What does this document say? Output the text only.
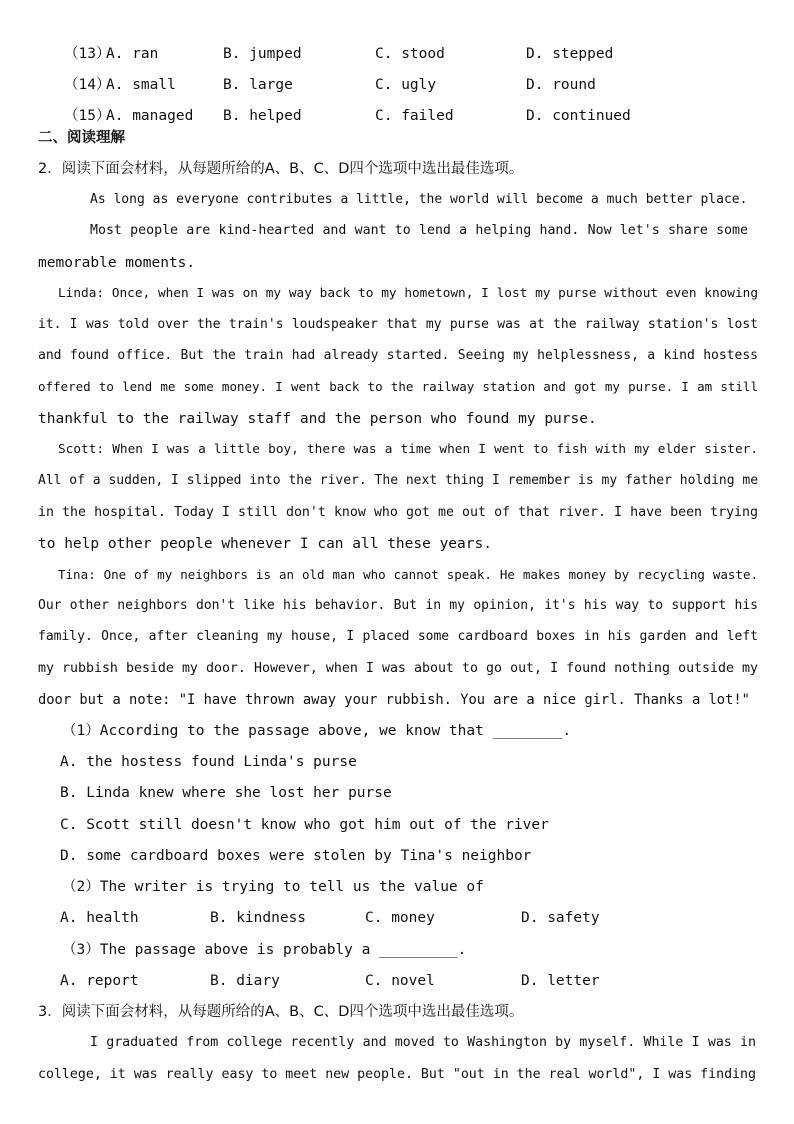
（13）
A. ran	B. jumped	C. stood	D. stepped
（14）
A. small	B. large	C. ugly	D. round
（15）
A. managed B. helped	C. failed	D. continued
二、阅读理解
2．阅读下面会材料，从每题所给的A、B、C、D四个选项中选出最佳选项。
As long as everyone contributes a little, the world will become a much better place.
Most people are kind-hearted and want to lend a helping hand. Now let's share some
memorable moments.
Linda: Once, when I was on my way back to my hometown, I lost my purse without even knowing
it. I was told over the train's loudspeaker that my purse was at the railway station's lost
and found office. But the train had already started. Seeing my helplessness, a kind hostess
offered to lend me some money. I went back to the railway station and got my purse. I am still
thankful to the railway staff and the person who found my purse.
Scott: When I was a little boy, there was a time when I went to fish with my elder sister.
All of a sudden, I slipped into the river. The next thing I remember is my father holding me
in the hospital. Today I still don't know who got me out of that river. I have been trying
to help other people whenever I can all these years.
Tina: One of my neighbors is an old man who cannot speak. He makes money by recycling waste.
Our other neighbors don't like his behavior. But in my opinion, it's his way to support his
family. Once, after cleaning my house, I placed some cardboard boxes in his garden and left
my rubbish beside my door. However, when I was about to go out, I found nothing outside my
door but a note: "I have thrown away your rubbish. You are a nice girl. Thanks a lot!"
（1）According to the passage above, we know that ________.
A. the hostess found Linda's purse
B. Linda knew where she lost her purse
C. Scott still doesn't know who got him out of the river
D. some cardboard boxes were stolen by Tina's neighbor
（2）The writer is trying to tell us the value of
A. health	B. kindness	C. money	D. safety
（3）The passage above is probably a _________.
A. report	B. diary	C. novel	D. letter
3．阅读下面会材料，从每题所给的A、B、C、D四个选项中选出最佳选项。
I graduated from college recently and moved to Washington by myself. While I was in
college, it was really easy to meet new people. But "out in the real world", I was finding
